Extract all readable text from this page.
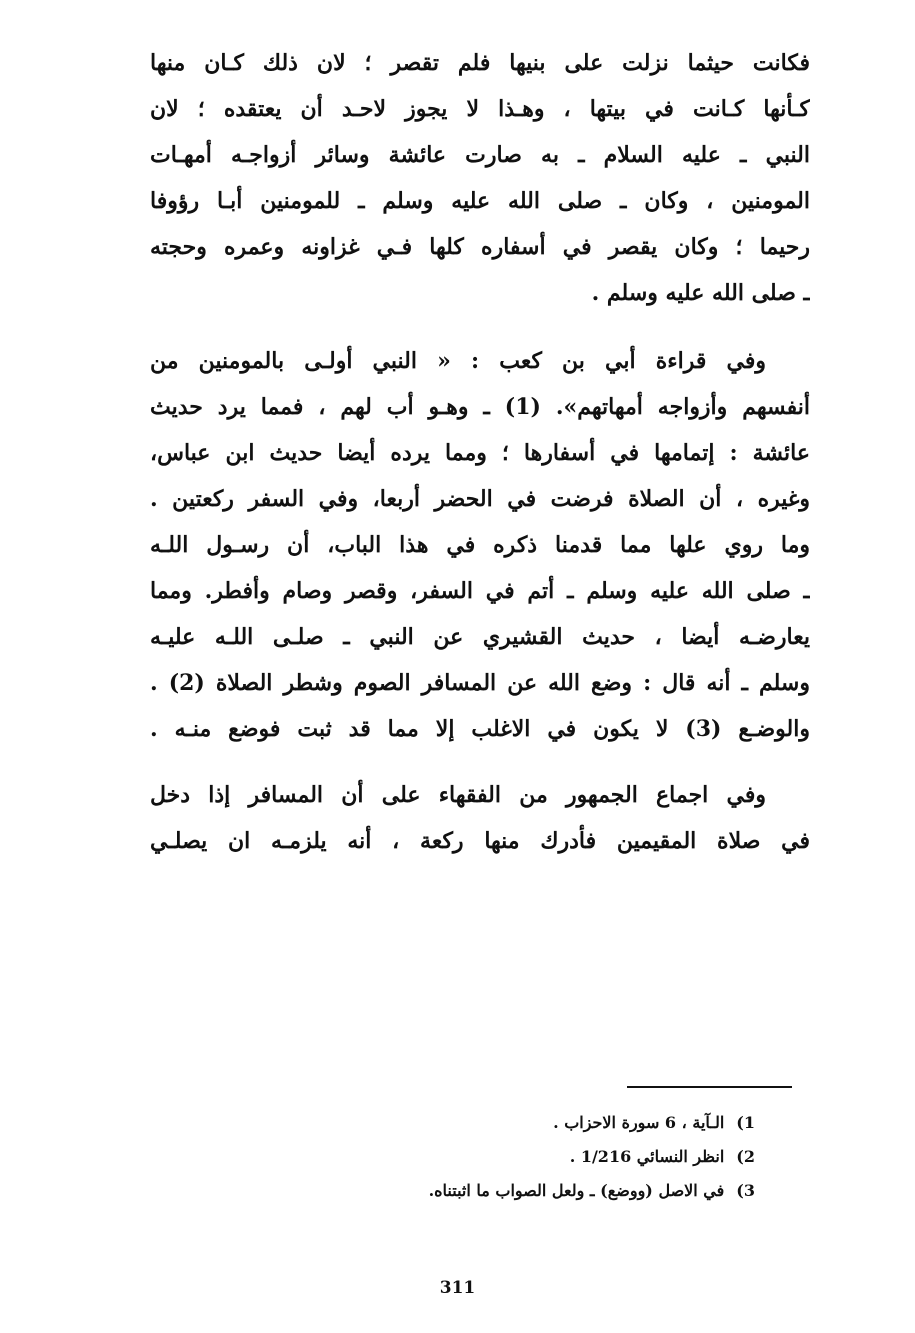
فكانت حيثما نزلت على بنيها فلم تقصر ؛ لان ذلك كـان منها
كـأنها كـانت في بيتها ، وهـذا لا يجوز لاحـد أن يعتقده ؛ لان
النبي ـ عليه السلام ـ به صارت عائشة وسائر أزواجـه أمهـات
المومنين ، وكان ـ صلى الله عليه وسلم ـ للمومنين أبـا رؤوفا
رحيما ؛ وكان يقصر في أسفاره كلها فـي غزاونه وعمره وحجته
ـ صلى الله عليه وسلم .
وفي قراءة أبي بن كعب : « النبي أولـى بالمومنين من
أنفسهم وأزواجه أمهاتهم». (1) ـ وهـو أب لهم ، فمما يرد حديث
عائشة : إتمامها في أسفارها ؛ ومما يرده أيضا حديث ابن عباس،
وغيره ، أن الصلاة فرضت في الحضر أربعا، وفي السفر ركعتين .
وما روي علها مما قدمنا ذكره في هذا الباب، أن رسـول اللـه
ـ صلى الله عليه وسلم ـ أتم في السفر، وقصر وصام وأفطر. ومما
يعارضـه أيضا ، حديث القشيري عن النبي ـ صلـى اللـه عليـه
وسلم ـ أنه قال : وضع الله عن المسافر الصوم وشطر الصلاة (2) .
والوضـع (3) لا يكون في الاغلب إلا مما قد ثبت فوضع منـه .
وفي اجماع الجمهور من الفقهاء على أن المسافر إذا دخل
في صلاة المقيمين فأدرك منها ركعة ، أنه يلزمـه ان يصلـي
1)الـآية ، 6 سورة الاحزاب .
2)انظر النسائي 1/216 .
3)في الاصل (ووضع) ـ ولعل الصواب ما اثبتناه.
311
